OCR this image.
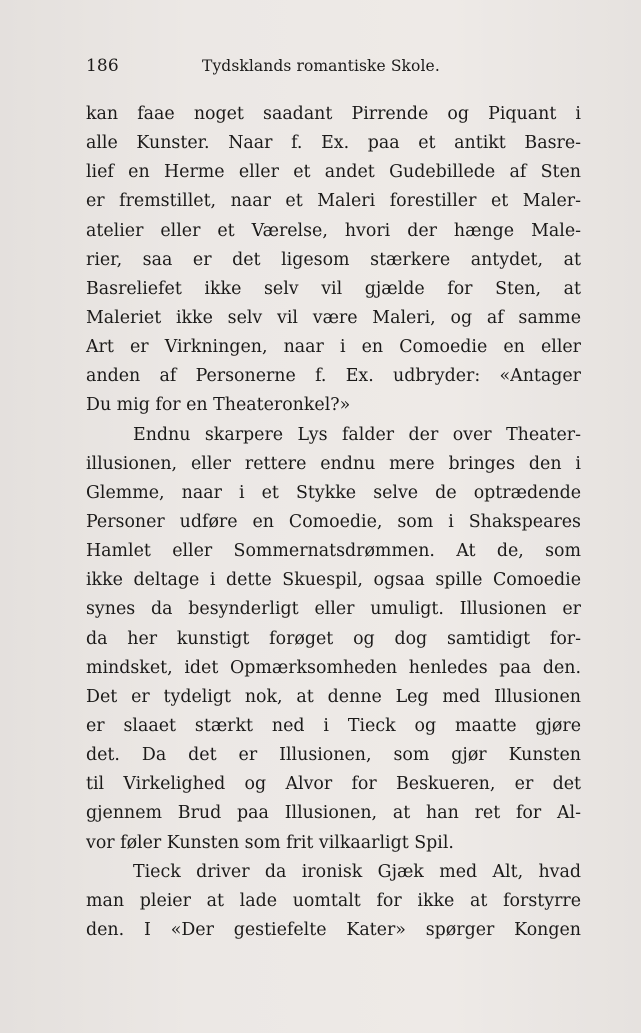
186	Tydsklands romantiske Skole.
kan faae noget saadant Pirrende og Piquant i
alle Kunster. Naar f. Ex. paa et antikt Basre-
lief en Herme eller et andet Gudebillede af Sten
er fremstillet, naar et Maleri forestiller et Maler-
atelier eller et Værelse, hvori der hænge Male-
rier, saa er det ligesom stærkere antydet, at
Basreliefet ikke selv vil gjælde for Sten, at
Maleriet ikke selv vil være Maleri, og af samme
Art er Virkningen, naar i en Comoedie en eller
anden af Personerne f. Ex. udbryder: «Antager
Du mig for en Theateronkel?»
Endnu skarpere Lys falder der over Theater-
illusionen, eller rettere endnu mere bringes den i
Glemme, naar i et Stykke selve de optrædende
Personer udføre en Comoedie, som i Shakspeares
Hamlet eller Sommernatsdrømmen. At de, som
ikke deltage i dette Skuespil, ogsaa spille Comoedie
synes da besynderligt eller umuligt. Illusionen er
da her kunstigt forøget og dog samtidigt for-
mindsket, idet Opmærksomheden henledes paa den.
Det er tydeligt nok, at denne Leg med Illusionen
er slaaet stærkt ned i Tieck og maatte gjøre
det. Da det er Illusionen, som gjør Kunsten
til Virkelighed og Alvor for Beskueren, er det
gjennem Brud paa Illusionen, at han ret for Al-
vor føler Kunsten som frit vilkaarligt Spil.
Tieck driver da ironisk Gjæk med Alt, hvad
man pleier at lade uomtalt for ikke at forstyrre
den. I «Der gestiefelte Kater» spørger Kongen
